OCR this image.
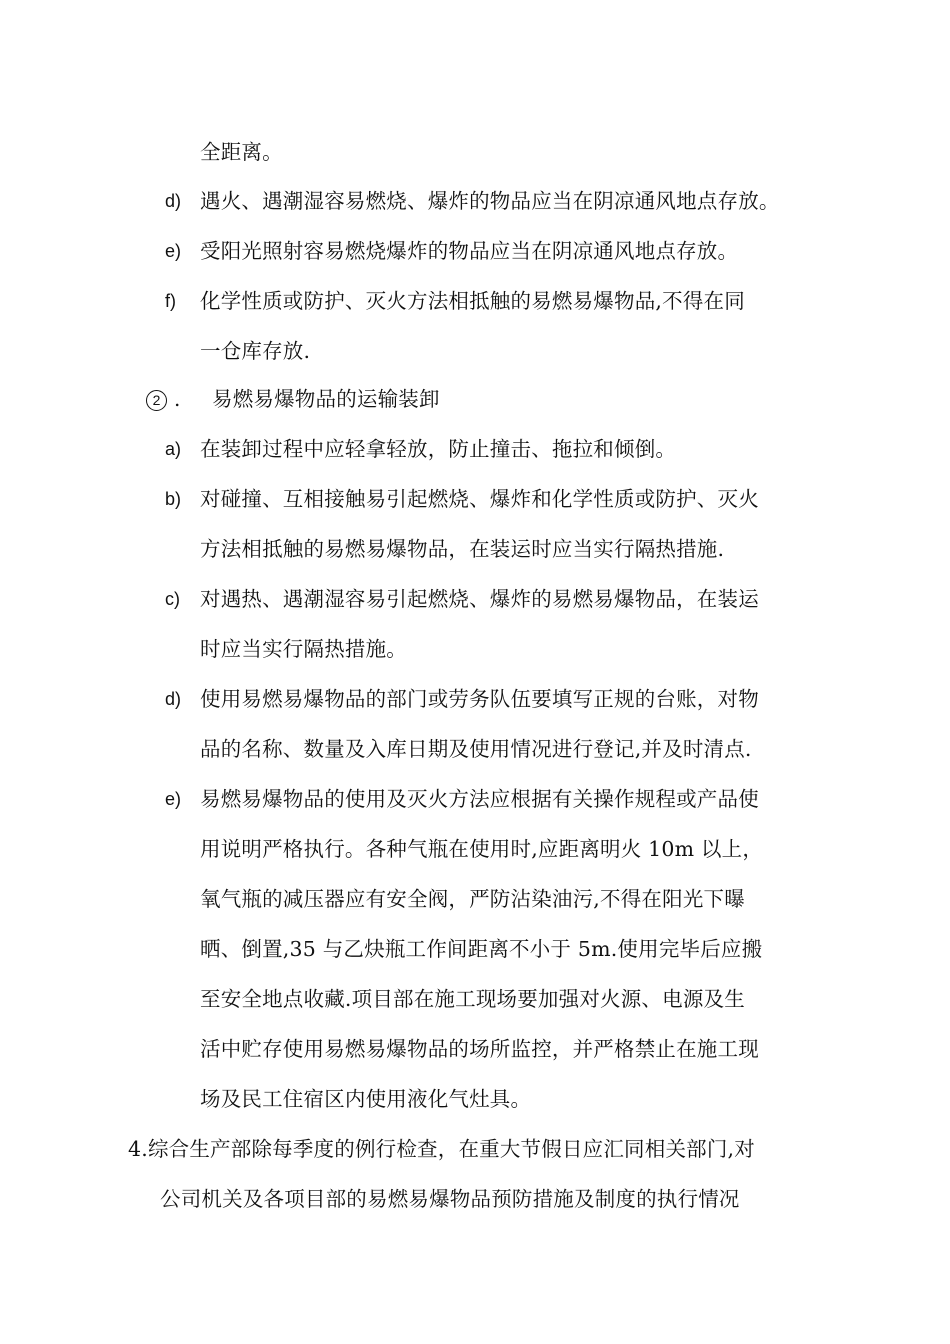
全距离。
d) 遇火、遇潮湿容易燃烧、爆炸的物品应当在阴凉通风地点存放。
e) 受阳光照射容易燃烧爆炸的物品应当在阴凉通风地点存放。
f) 化学性质或防护、灭火方法相抵触的易燃易爆物品,不得在同
一仓库存放.
2 . 易燃易爆物品的运输装卸
a) 在装卸过程中应轻拿轻放，防止撞击、拖拉和倾倒。
b) 对碰撞、互相接触易引起燃烧、爆炸和化学性质或防护、灭火
方法相抵触的易燃易爆物品，在装运时应当实行隔热措施.
c) 对遇热、遇潮湿容易引起燃烧、爆炸的易燃易爆物品，在装运
时应当实行隔热措施。
d) 使用易燃易爆物品的部门或劳务队伍要填写正规的台账，对物
品的名称、数量及入库日期及使用情况进行登记,并及时清点.
e) 易燃易爆物品的使用及灭火方法应根据有关操作规程或产品使
用说明严格执行。各种气瓶在使用时,应距离明火 10m 以上，
氧气瓶的减压器应有安全阀，严防沾染油污,不得在阳光下曝
晒、倒置,35 与乙炔瓶工作间距离不小于 5m.使用完毕后应搬
至安全地点收藏.项目部在施工现场要加强对火源、电源及生
活中贮存使用易燃易爆物品的场所监控，并严格禁止在施工现
场及民工住宿区内使用液化气灶具。
4.综合生产部除每季度的例行检查，在重大节假日应汇同相关部门,对
公司机关及各项目部的易燃易爆物品预防措施及制度的执行情况
